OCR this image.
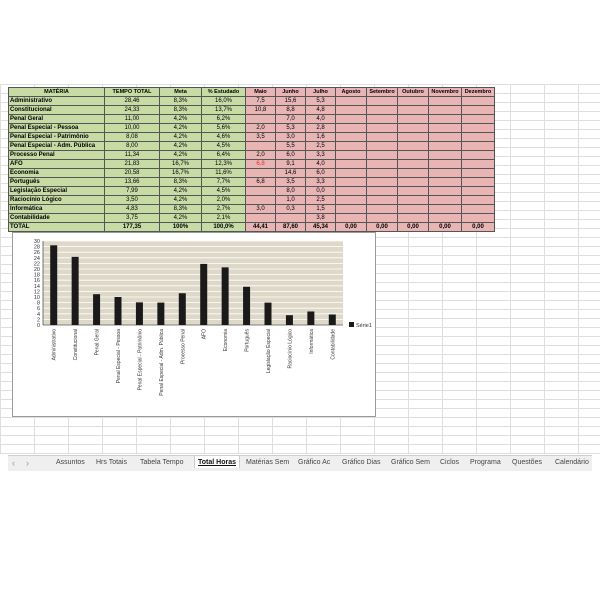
MATÉRIA	TEMPO TOTAL	Meta	% Estudado	Maio	Junho	Julho	Agosto	Setembro	Outubro	Novembro	Dezembro
Administrativo	28,46	8,3%	16,0%	7,5	15,6	5,3					
Constitucional	24,33	8,3%	13,7%	10,8	8,8	4,8					
Penal Geral	11,00	4,2%	6,2%		7,0	4,0					
Penal Especial - Pessoa	10,00	4,2%	5,6%	2,0	5,3	2,8					
Penal Especial - Patrimônio	8,08	4,2%	4,6%	3,5	3,0	1,6					
Penal Especial - Adm. Pública	8,00	4,2%	4,5%		5,5	2,5					
Processo Penal	11,34	4,2%	6,4%	2,0	6,0	3,3					
AFO	21,83	16,7%	12,3%	6,8	9,1	4,0					
Economia	20,58	16,7%	11,6%		14,6	6,0					
Português	13,66	8,3%	7,7%	6,8	3,5	3,3					
Legislação Especial	7,99	4,2%	4,5%		8,0	0,0					
Raciocínio Lógico	3,50	4,2%	2,0%		1,0	2,5					
Informática	4,83	8,3%	2,7%	3,0	0,3	1,5					
Contabilidade	3,75	4,2%	2,1%			3,8					
TOTAL	177,35	100%	100,0%	44,41	87,60	45,34	0,00	0,00	0,00	0,00	0,00
0
2
4
6
8
10
12
14
16
18
20
22
24
26
28
30
Administrativo	Constitucional	Penal Geral	Penal Especial - Pessoa	Penal Especial - Patrimônio	Penal Especial - Adm. Pública	Processo Penal	AFO	Economia	Português	Legislação Especial	Raciocínio Lógico	Informática	Contabilidade
Série1
‹ ›	Assuntos Hrs Totais Tabela Tempo	Total Horas	Matérias Sem Gráfico Ac Gráfico Dias Gráfico Sem Ciclos Programa Questões Calendário
